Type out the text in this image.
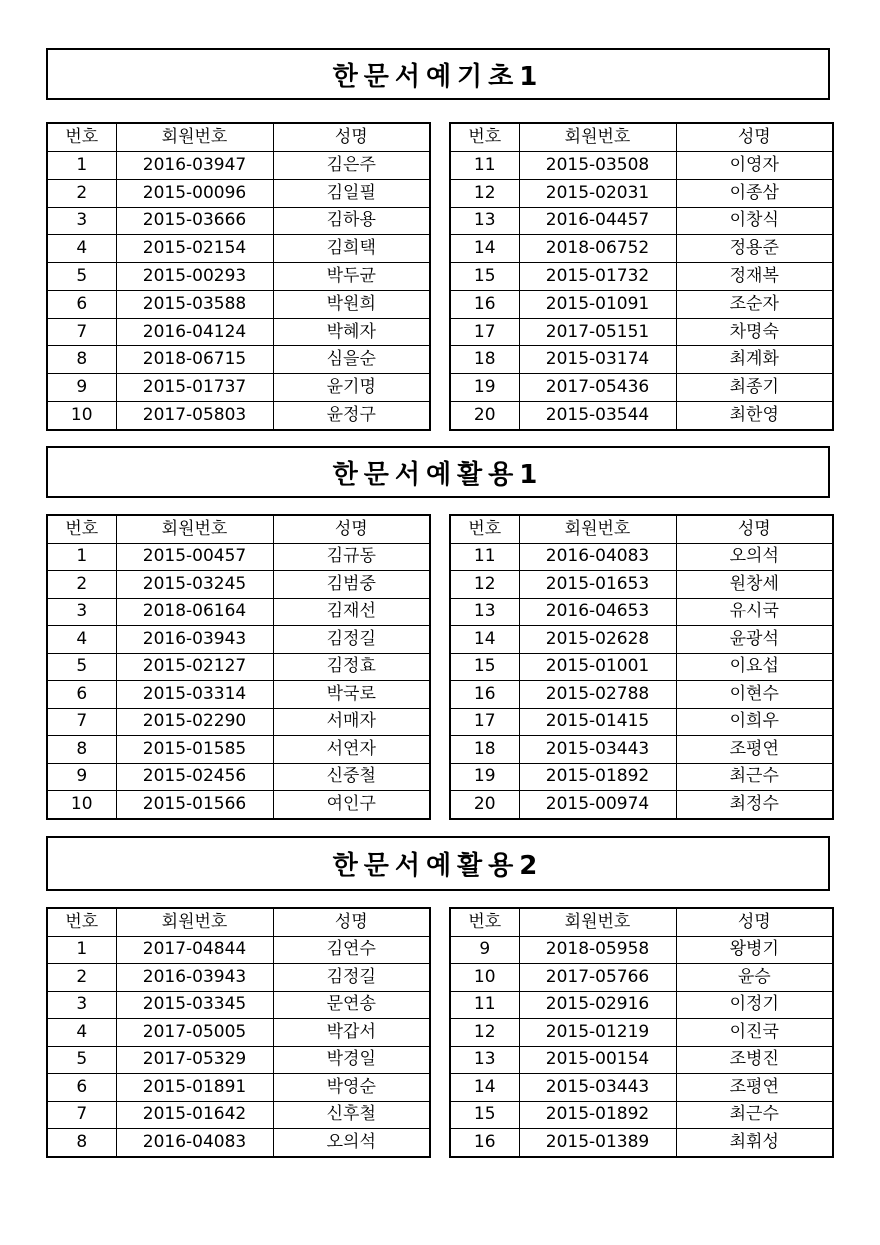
한문서예기초1
번호	회원번호	성명
1	2016-03947	김은주
2	2015-00096	김일필
3	2015-03666	김하용
4	2015-02154	김희택
5	2015-00293	박두균
6	2015-03588	박원희
7	2016-04124	박혜자
8	2018-06715	심을순
9	2015-01737	윤기명
10	2017-05803	윤정구
번호	회원번호	성명
11	2015-03508	이영자
12	2015-02031	이종삼
13	2016-04457	이창식
14	2018-06752	정용준
15	2015-01732	정재복
16	2015-01091	조순자
17	2017-05151	차명숙
18	2015-03174	최계화
19	2017-05436	최종기
20	2015-03544	최한영
한문서예활용1
번호	회원번호	성명
1	2015-00457	김규동
2	2015-03245	김범중
3	2018-06164	김재선
4	2016-03943	김정길
5	2015-02127	김정효
6	2015-03314	박국로
7	2015-02290	서매자
8	2015-01585	서연자
9	2015-02456	신중철
10	2015-01566	여인구
번호	회원번호	성명
11	2016-04083	오의석
12	2015-01653	원창세
13	2016-04653	유시국
14	2015-02628	윤광석
15	2015-01001	이요섭
16	2015-02788	이현수
17	2015-01415	이희우
18	2015-03443	조평연
19	2015-01892	최근수
20	2015-00974	최정수
한문서예활용2
번호	회원번호	성명
1	2017-04844	김연수
2	2016-03943	김정길
3	2015-03345	문연송
4	2017-05005	박갑서
5	2017-05329	박경일
6	2015-01891	박영순
7	2015-01642	신후철
8	2016-04083	오의석
번호	회원번호	성명
9	2018-05958	왕병기
10	2017-05766	윤승
11	2015-02916	이정기
12	2015-01219	이진국
13	2015-00154	조병진
14	2015-03443	조평연
15	2015-01892	최근수
16	2015-01389	최휘성
